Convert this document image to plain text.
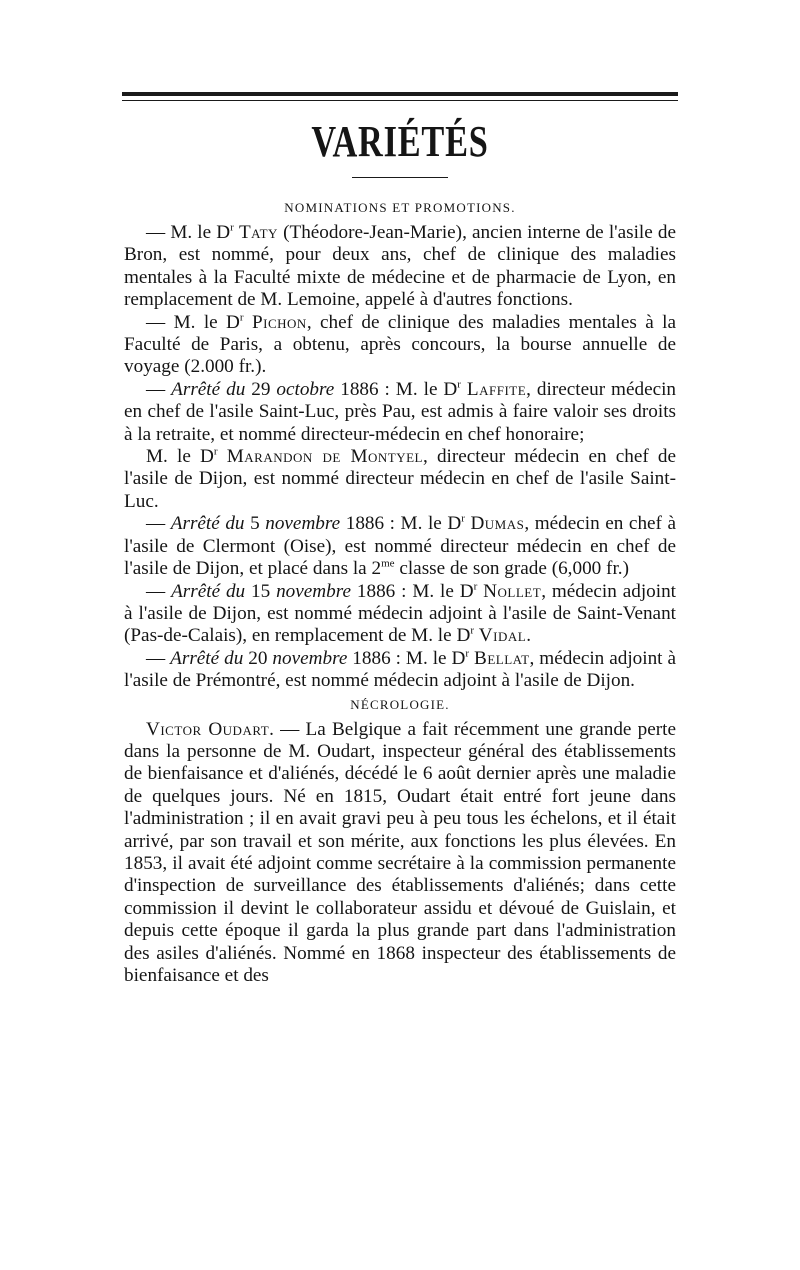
VARIÉTÉS
NOMINATIONS ET PROMOTIONS.

— M. le $D^r$ Taty (Théodore-Jean-Marie), ancien interne de l'asile de Bron, est nommé, pour deux ans, chef de clinique des maladies mentales à la Faculté mixte de médecine et de pharmacie de Lyon, en remplacement de M. Lemoine, appelé à d'autres fonctions.

— M. le $D^r$ Pichon, chef de clinique des maladies mentales à la Faculté de Paris, a obtenu, après concours, la bourse annuelle de voyage (2.000 fr.).

— Arrêté du 29 octobre 1886 : M. le $D^r$ Laffite, directeur médecin en chef de l'asile Saint-Luc, près Pau, est admis à faire valoir ses droits à la retraite, et nommé directeur-médecin en chef honoraire;

M. le $D^r$ Marandon de Montyel, directeur médecin en chef de l'asile de Dijon, est nommé directeur médecin en chef de l'asile Saint-Luc.

— Arrêté du 5 novembre 1886 : M. le $D^r$ Dumas, médecin en chef à l'asile de Clermont (Oise), est nommé directeur médecin en chef de l'asile de Dijon, et placé dans la $2^{me}$ classe de son grade (6,000 fr.)

— Arrêté du 15 novembre 1886 : M. le $D^r$ Nollet, médecin adjoint à l'asile de Dijon, est nommé médecin adjoint à l'asile de Saint-Venant (Pas-de-Calais), en remplacement de M. le $D^r$ Vidal.

— Arrêté du 20 novembre 1886 : M. le $D^r$ Bellat, médecin adjoint à l'asile de Prémontré, est nommé médecin adjoint à l'asile de Dijon.

NÉCROLOGIE.

Victor Oudart. — La Belgique a fait récemment une grande perte dans la personne de M. Oudart, inspecteur général des établissements de bienfaisance et d'aliénés, décédé le 6 août dernier après une maladie de quelques jours. Né en 1815, Oudart était entré fort jeune dans l'administration ; il en avait gravi peu à peu tous les échelons, et il était arrivé, par son travail et son mérite, aux fonctions les plus élevées. En 1853, il avait été adjoint comme secrétaire à la commission permanente d'inspection de surveillance des établissements d'aliénés; dans cette commission il devint le collaborateur assidu et dévoué de Guislain, et depuis cette époque il garda la plus grande part dans l'administration des asiles d'aliénés. Nommé en 1868 inspecteur des établissements de bienfaisance et des
